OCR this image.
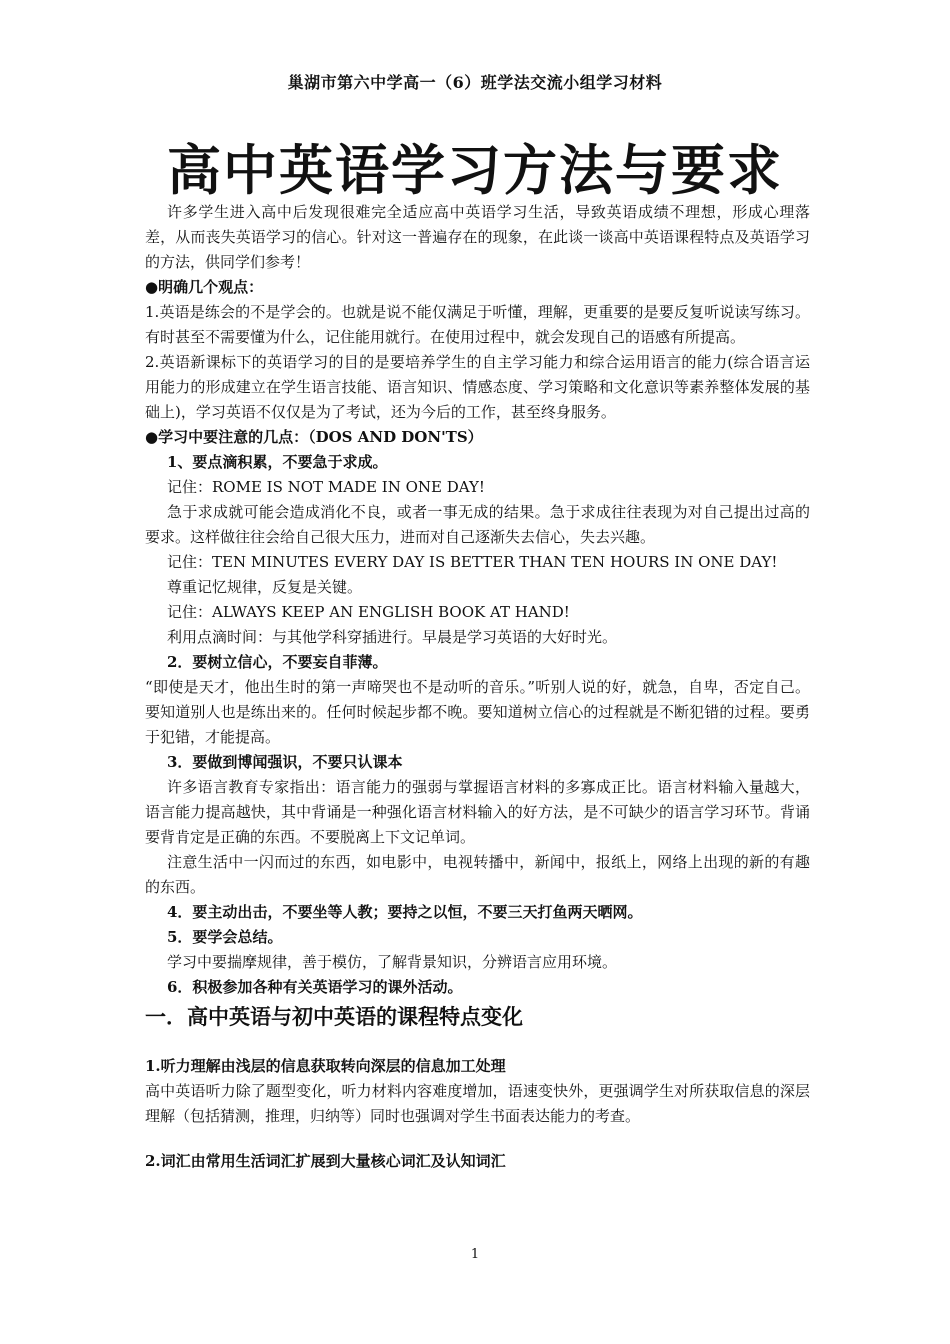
巢湖市第六中学高一（6）班学法交流小组学习材料
高中英语学习方法与要求

许多学生进入高中后发现很难完全适应高中英语学习生活，导致英语成绩不理想，形成心理落差，从而丧失英语学习的信心。针对这一普遍存在的现象，在此谈一谈高中英语课程特点及英语学习的方法，供同学们参考！

●明确几个观点：

1.英语是练会的不是学会的。也就是说不能仅满足于听懂，理解，更重要的是要反复听说读写练习。有时甚至不需要懂为什么，记住能用就行。在使用过程中，就会发现自己的语感有所提高。

2.英语新课标下的英语学习的目的是要培养学生的自主学习能力和综合运用语言的能力(综合语言运用能力的形成建立在学生语言技能、语言知识、情感态度、学习策略和文化意识等素养整体发展的基础上)，学习英语不仅仅是为了考试，还为今后的工作，甚至终身服务。

●学习中要注意的几点：（DOS AND DON'TS）

1、要点滴积累，不要急于求成。

记住：ROME IS NOT MADE IN ONE DAY!

急于求成就可能会造成消化不良，或者一事无成的结果。急于求成往往表现为对自己提出过高的要求。这样做往往会给自己很大压力，进而对自己逐渐失去信心，失去兴趣。

记住：TEN MINUTES EVERY DAY IS BETTER THAN TEN HOURS IN ONE DAY!

尊重记忆规律，反复是关键。

记住：ALWAYS KEEP AN ENGLISH BOOK AT HAND!

利用点滴时间：与其他学科穿插进行。早晨是学习英语的大好时光。

2．要树立信心，不要妄自菲薄。

“即使是天才，他出生时的第一声啼哭也不是动听的音乐。”听别人说的好，就急，自卑，否定自己。要知道别人也是练出来的。任何时候起步都不晚。要知道树立信心的过程就是不断犯错的过程。要勇于犯错，才能提高。

3．要做到博闻强识，不要只认课本

许多语言教育专家指出：语言能力的强弱与掌握语言材料的多寡成正比。语言材料输入量越大，语言能力提高越快，其中背诵是一种强化语言材料输入的好方法，是不可缺少的语言学习环节。背诵要背肯定是正确的东西。不要脱离上下文记单词。

注意生活中一闪而过的东西，如电影中，电视转播中，新闻中，报纸上，网络上出现的新的有趣的东西。

4．要主动出击，不要坐等人教；要持之以恒，不要三天打鱼两天晒网。

5．要学会总结。

学习中要揣摩规律，善于模仿，了解背景知识，分辨语言应用环境。

6．积极参加各种有关英语学习的课外活动。

一．高中英语与初中英语的课程特点变化

1.听力理解由浅层的信息获取转向深层的信息加工处理

高中英语听力除了题型变化，听力材料内容难度增加，语速变快外，更强调学生对所获取信息的深层理解（包括猜测，推理，归纳等）同时也强调对学生书面表达能力的考查。

2.词汇由常用生活词汇扩展到大量核心词汇及认知词汇

1
